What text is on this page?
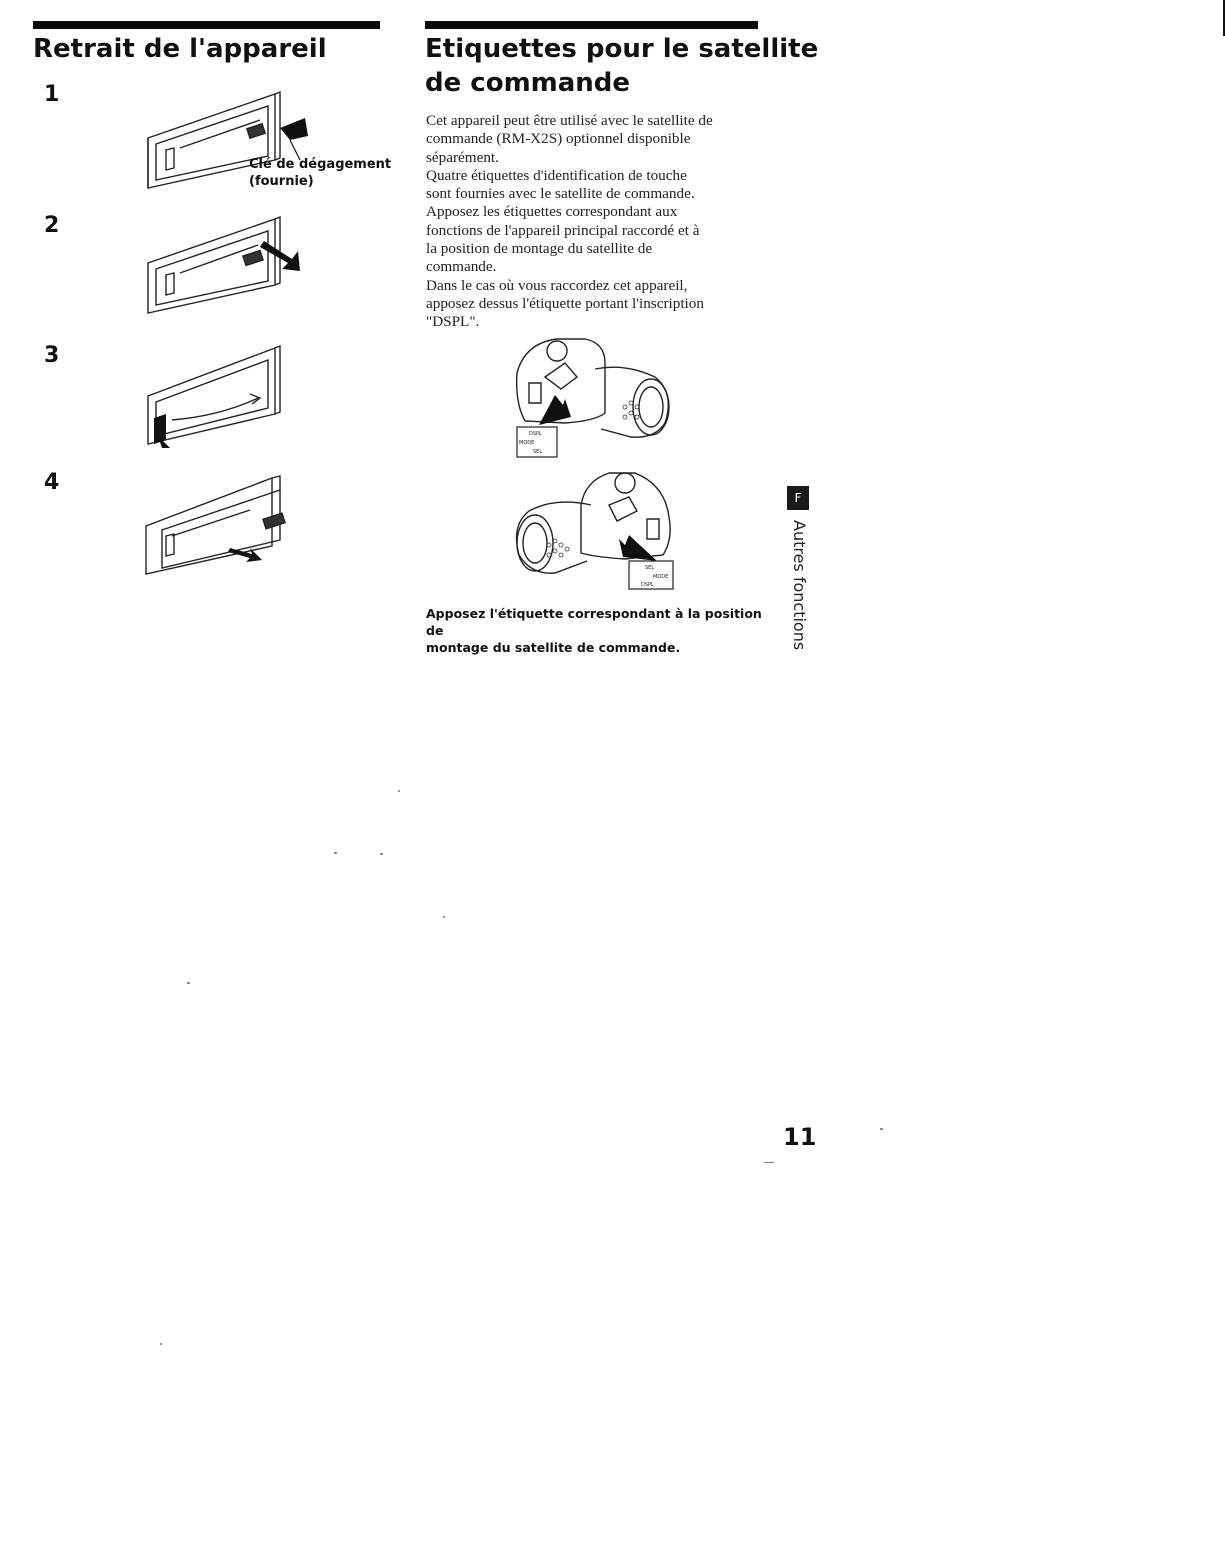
Retrait de l'appareil
1
2
3
4
Clé de dégagement
(fournie)
Etiquettes pour le satellite
de commande

Cet appareil peut être utilisé avec le satellite de
commande (RM-X2S) optionnel disponible
séparément.
Quatre étiquettes d'identification de touche
sont fournies avec le satellite de commande.
Apposez les étiquettes correspondant aux
fonctions de l'appareil principal raccordé et à
la position de montage du satellite de
commande.
Dans le cas où vous raccordez cet appareil,
apposez dessus l'étiquette portant l'inscription
"DSPL".

DSPL
MODE
SEL
SEL
MODE
DSPL

Apposez l'étiquette correspondant à la position de
montage du satellite de commande.

F
Autres fonctions
11
